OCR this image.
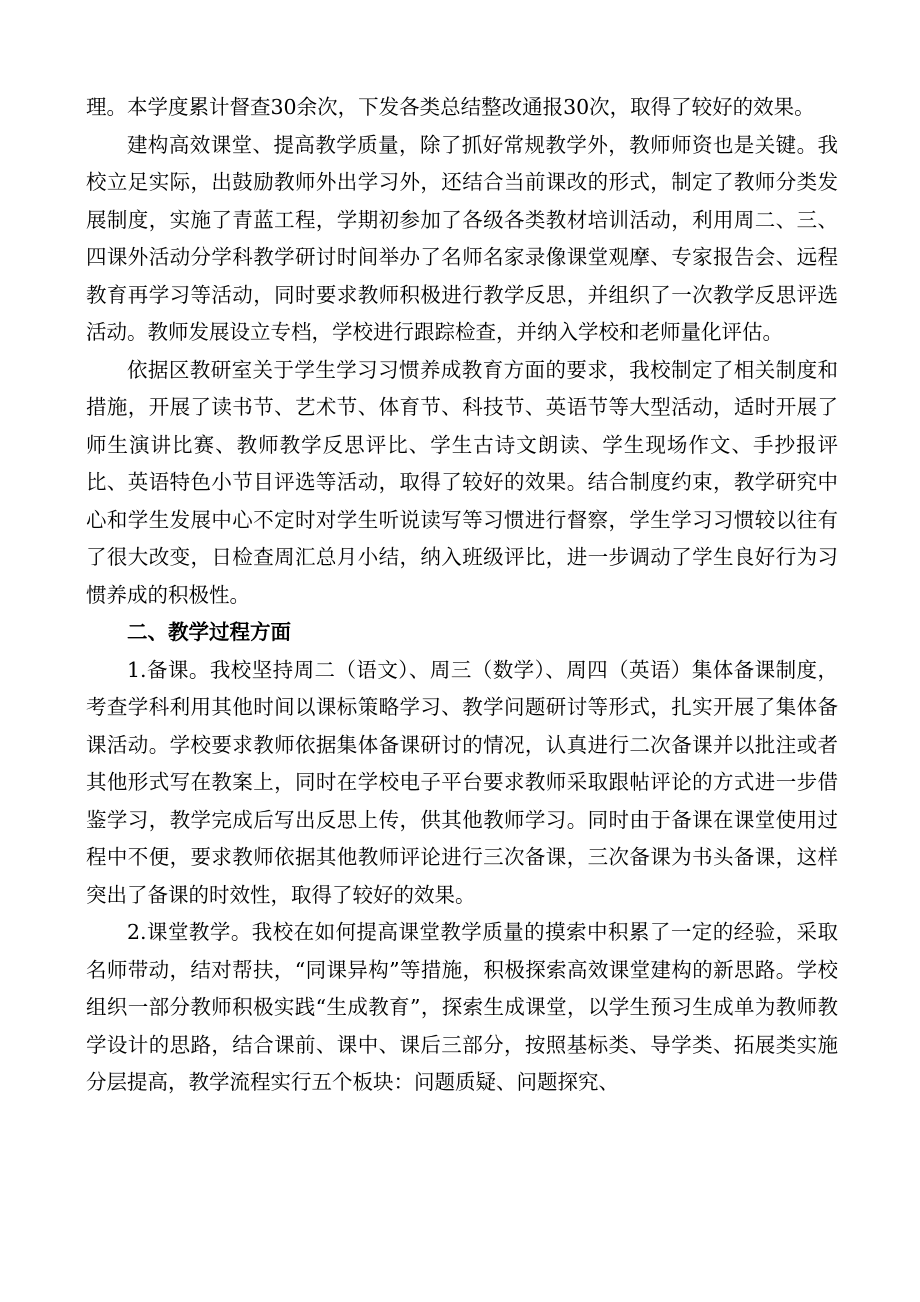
理。本学度累计督查30余次，下发各类总结整改通报30次，取得了较好的效果。

建构高效课堂、提高教学质量，除了抓好常规教学外，教师师资也是关键。我校立足实际，出鼓励教师外出学习外，还结合当前课改的形式，制定了教师分类发展制度，实施了青蓝工程，学期初参加了各级各类教材培训活动，利用周二、三、四课外活动分学科教学研讨时间举办了名师名家录像课堂观摩、专家报告会、远程教育再学习等活动，同时要求教师积极进行教学反思，并组织了一次教学反思评选活动。教师发展设立专档，学校进行跟踪检查，并纳入学校和老师量化评估。

依据区教研室关于学生学习习惯养成教育方面的要求，我校制定了相关制度和措施，开展了读书节、艺术节、体育节、科技节、英语节等大型活动，适时开展了师生演讲比赛、教师教学反思评比、学生古诗文朗读、学生现场作文、手抄报评比、英语特色小节目评选等活动，取得了较好的效果。结合制度约束，教学研究中心和学生发展中心不定时对学生听说读写等习惯进行督察，学生学习习惯较以往有了很大改变，日检查周汇总月小结，纳入班级评比，进一步调动了学生良好行为习惯养成的积极性。

二、教学过程方面

1.备课。我校坚持周二（语文）、周三（数学）、周四（英语）集体备课制度，考查学科利用其他时间以课标策略学习、教学问题研讨等形式，扎实开展了集体备课活动。学校要求教师依据集体备课研讨的情况，认真进行二次备课并以批注或者其他形式写在教案上，同时在学校电子平台要求教师采取跟帖评论的方式进一步借鉴学习，教学完成后写出反思上传，供其他教师学习。同时由于备课在课堂使用过程中不便，要求教师依据其他教师评论进行三次备课，三次备课为书头备课，这样突出了备课的时效性，取得了较好的效果。

2.课堂教学。我校在如何提高课堂教学质量的摸索中积累了一定的经验，采取名师带动，结对帮扶，“同课异构”等措施，积极探索高效课堂建构的新思路。学校组织一部分教师积极实践“生成教育”，探索生成课堂，以学生预习生成单为教师教学设计的思路，结合课前、课中、课后三部分，按照基标类、导学类、拓展类实施分层提高，教学流程实行五个板块：问题质疑、问题探究、
